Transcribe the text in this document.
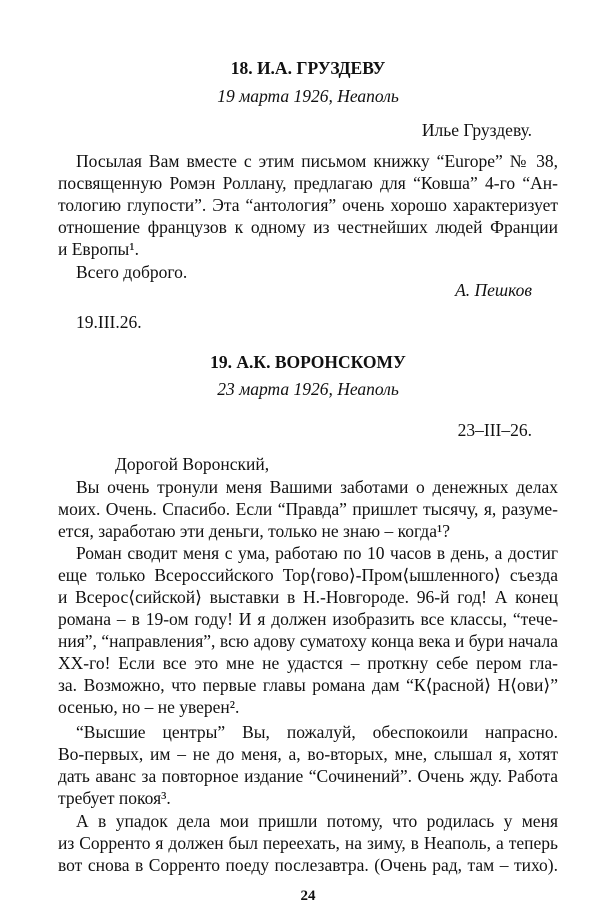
18. И.А. ГРУЗДЕВУ
19 марта 1926, Неаполь
Илье Груздеву.
Посылая Вам вместе с этим письмом книжку “Europe” № 38,
посвященную Ромэн Роллану, предлагаю для “Ковша” 4-го “Ан-
тологию глупости”. Эта “антология” очень хорошо характеризует
отношение французов к одному из честнейших людей Франции
и Европы¹.
Всего доброго.
А. Пешков
19.III.26.
19. А.К. ВОРОНСКОМУ
23 марта 1926, Неаполь
23–III–26.
Дорогой Воронский,
Вы очень тронули меня Вашими заботами о денежных делах
моих. Очень. Спасибо. Если “Правда” пришлет тысячу, я, разуме-
ется, заработаю эти деньги, только не знаю – когда¹?
Роман сводит меня с ума, работаю по 10 часов в день, а достиг
еще только Всероссийского Тор⟨гово⟩-Пром⟨ышленного⟩ съезда
и Всерос⟨сийской⟩ выставки в Н.-Новгороде. 96-й год! А конец
романа – в 19-ом году! И я должен изобразить все классы, “тече-
ния”, “направления”, всю адову суматоху конца века и бури начала
XX-го! Если все это мне не удастся – проткну себе пером гла-
за. Возможно, что первые главы романа дам “К⟨расной⟩ Н⟨ови⟩”
осенью, но – не уверен².
“Высшие центры” Вы, пожалуй, обеспокоили напрасно.
Во-первых, им – не до меня, а, во-вторых, мне, слышал я, хотят
дать аванс за повторное издание “Сочинений”. Очень жду. Работа
требует покоя³.
А в упадок дела мои пришли потому, что родилась у меня
из Сорренто я должен был переехать, на зиму, в Неаполь, а теперь
вот снова в Сорренто поеду послезавтра. (Очень рад, там – тихо).
24
